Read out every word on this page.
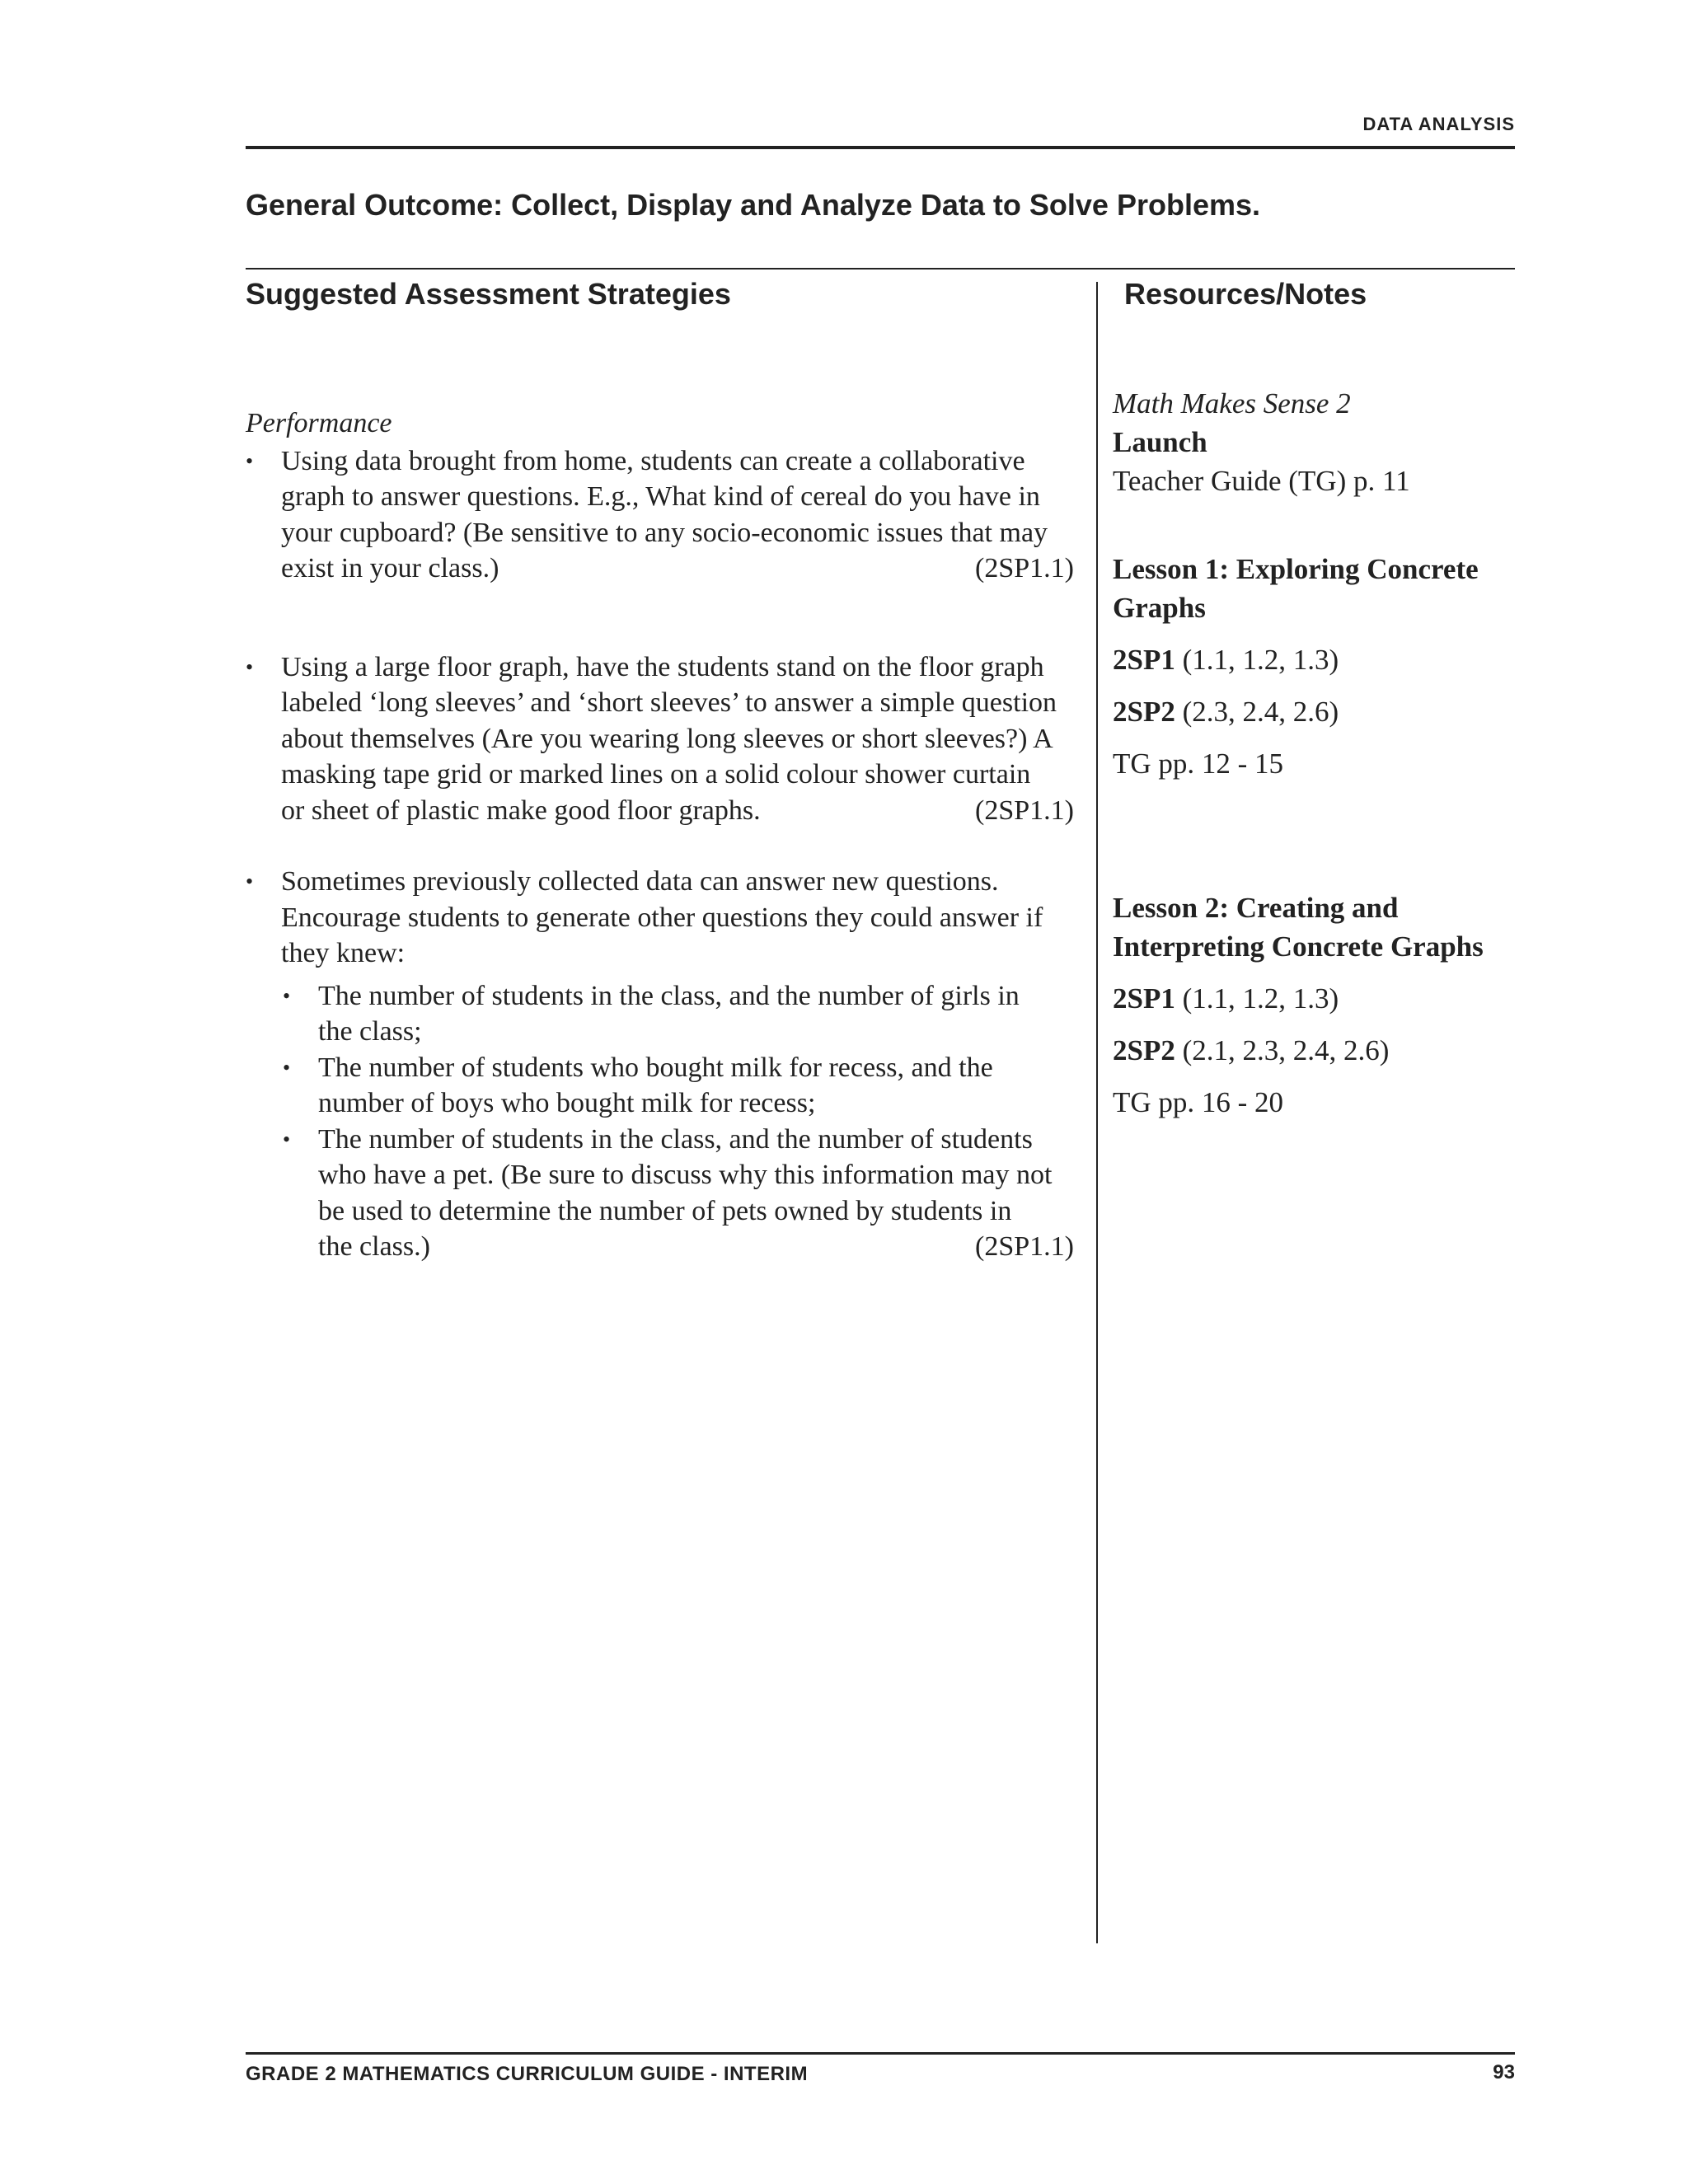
DATA ANALYSIS
General Outcome: Collect, Display and Analyze Data to Solve Problems.
Suggested Assessment Strategies	Resources/Notes
Performance
• Using data brought from home, students can create a collaborative
graph to answer questions. E.g., What kind of cereal do you have in
your cupboard? (Be sensitive to any socio-economic issues that may
exist in your class.)	(2SP1.1)
• Using a large floor graph, have the students stand on the floor graph
labeled ‘long sleeves’ and ‘short sleeves’ to answer a simple question
about themselves (Are you wearing long sleeves or short sleeves?) A
masking tape grid or marked lines on a solid colour shower curtain
or sheet of plastic make good floor graphs.	(2SP1.1)
• Sometimes previously collected data can answer new questions.
Encourage students to generate other questions they could answer if
they knew:
• The number of students in the class, and the number of girls in
the class;
• The number of students who bought milk for recess, and the
number of boys who bought milk for recess;
• The number of students in the class, and the number of students
who have a pet. (Be sure to discuss why this information may not
be used to determine the number of pets owned by students in
the class.)	(2SP1.1)
Math Makes Sense 2
Launch
Teacher Guide (TG) p. 11
Lesson 1: Exploring Concrete
Graphs
2SP1 (1.1, 1.2, 1.3)
2SP2 (2.3, 2.4, 2.6)
TG pp. 12 - 15
Lesson 2: Creating and
Interpreting Concrete Graphs
2SP1 (1.1, 1.2, 1.3)
2SP2 (2.1, 2.3, 2.4, 2.6)
TG pp. 16 - 20
GRADE 2 MATHEMATICS CURRICULUM GUIDE - INTERIM	93
